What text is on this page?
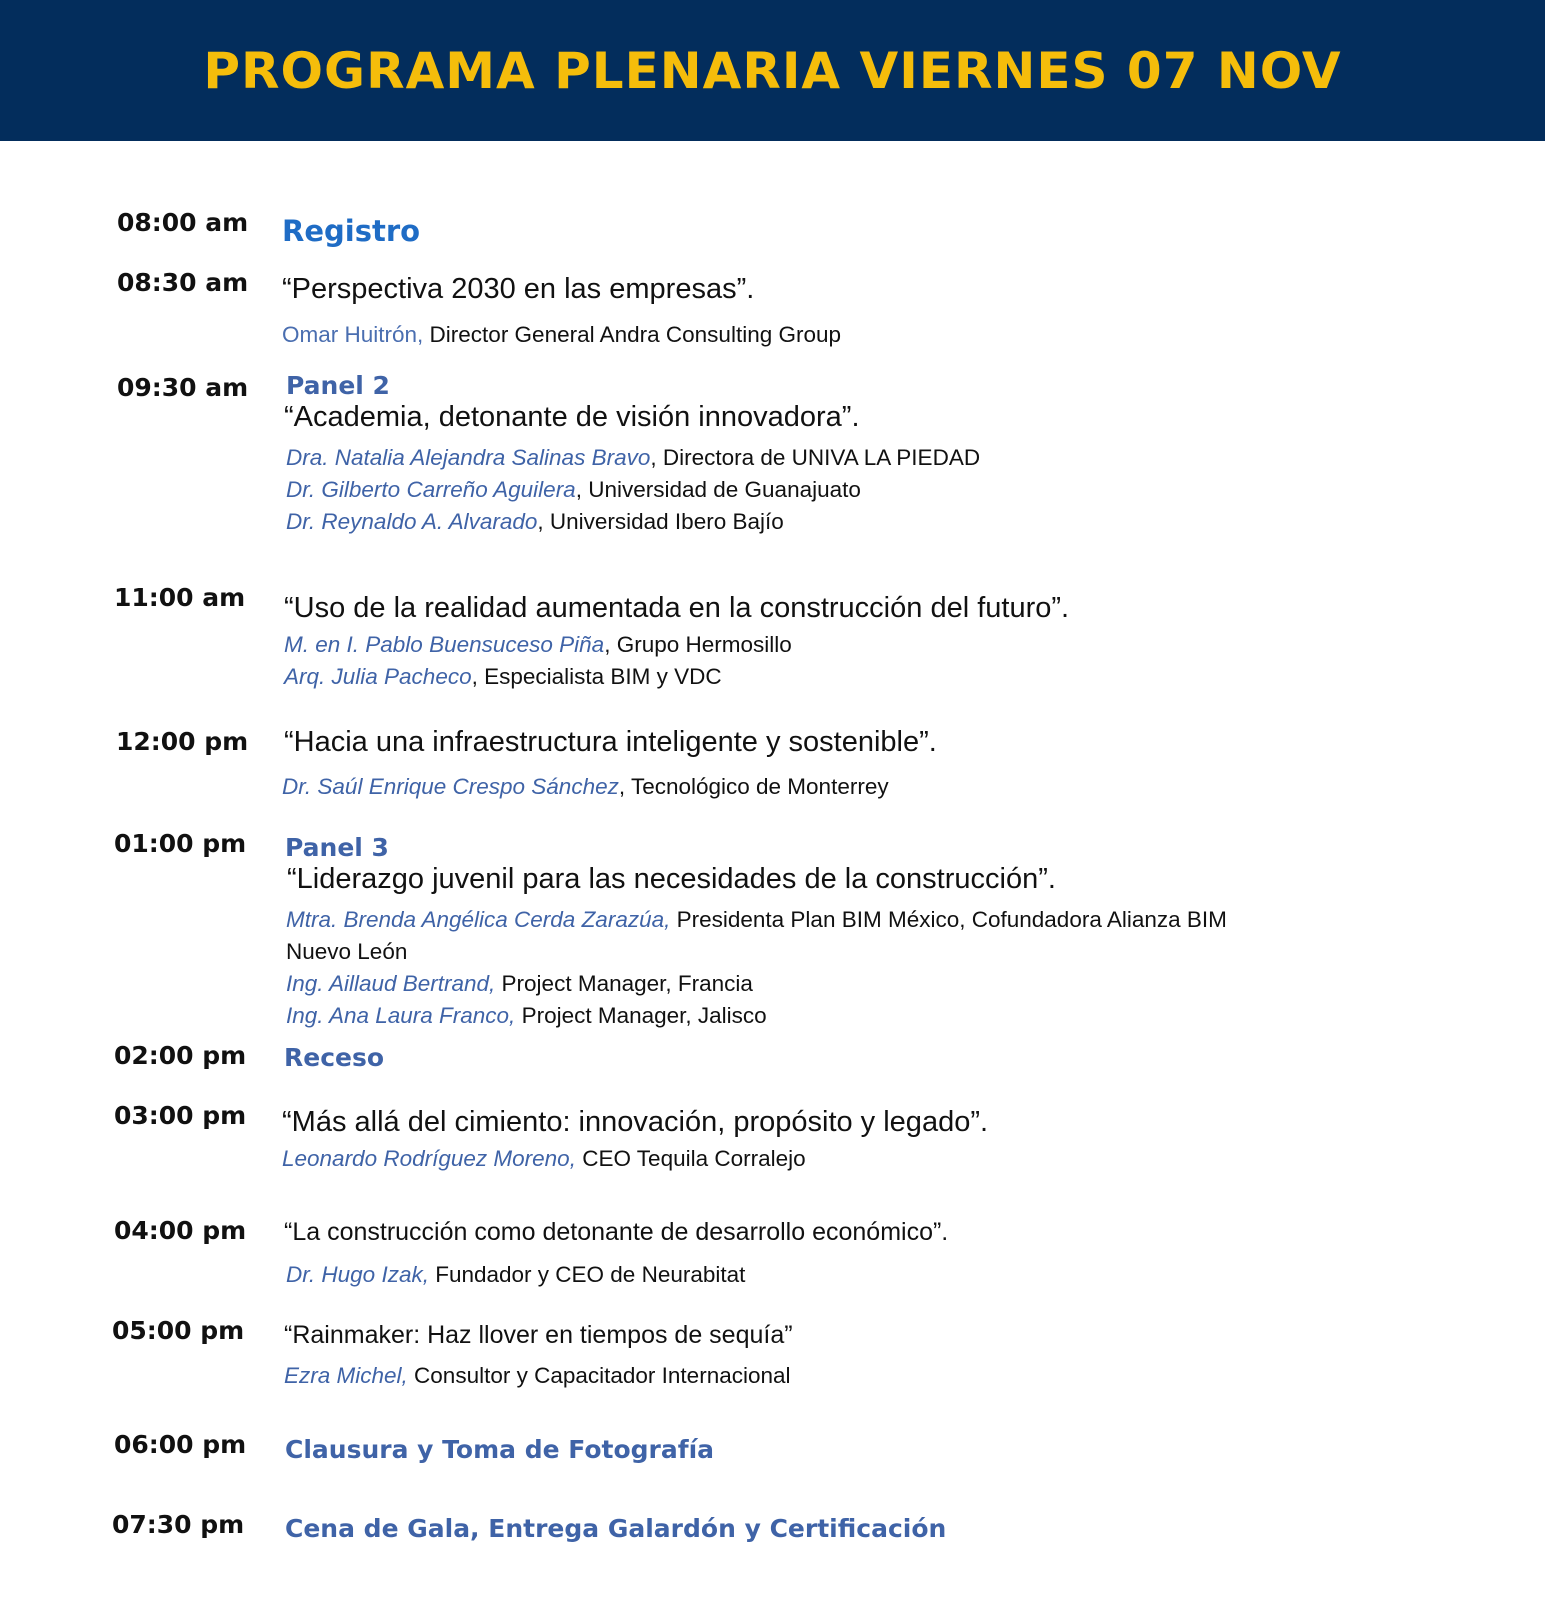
PROGRAMA PLENARIA VIERNES 07 NOV
08:00 am Registro
08:30 am “Perspectiva 2030 en las empresas”.
Omar Huitrón, Director General Andra Consulting Group
09:30 am Panel 2
“Academia, detonante de visión innovadora”.
Dra. Natalia Alejandra Salinas Bravo, Directora de UNIVA LA PIEDAD
Dr. Gilberto Carreño Aguilera, Universidad de Guanajuato
Dr. Reynaldo A. Alvarado, Universidad Ibero Bajío
11:00 am “Uso de la realidad aumentada en la construcción del futuro”.
M. en I. Pablo Buensuceso Piña, Grupo Hermosillo
Arq. Julia Pacheco, Especialista BIM y VDC
12:00 pm “Hacia una infraestructura inteligente y sostenible”.
Dr. Saúl Enrique Crespo Sánchez, Tecnológico de Monterrey
01:00 pm Panel 3
“Liderazgo juvenil para las necesidades de la construcción”.
Mtra. Brenda Angélica Cerda Zarazúa, Presidenta Plan BIM México, Cofundadora Alianza BIM
Nuevo León
Ing. Aillaud Bertrand, Project Manager, Francia
Ing. Ana Laura Franco, Project Manager, Jalisco
02:00 pm Receso
03:00 pm “Más allá del cimiento: innovación, propósito y legado”.
Leonardo Rodríguez Moreno, CEO Tequila Corralejo
04:00 pm “La construcción como detonante de desarrollo económico”.
Dr. Hugo Izak, Fundador y CEO de Neurabitat
05:00 pm “Rainmaker: Haz llover en tiempos de sequía”
Ezra Michel, Consultor y Capacitador Internacional
06:00 pm Clausura y Toma de Fotografía
07:30 pm Cena de Gala, Entrega Galardón y Certificación
